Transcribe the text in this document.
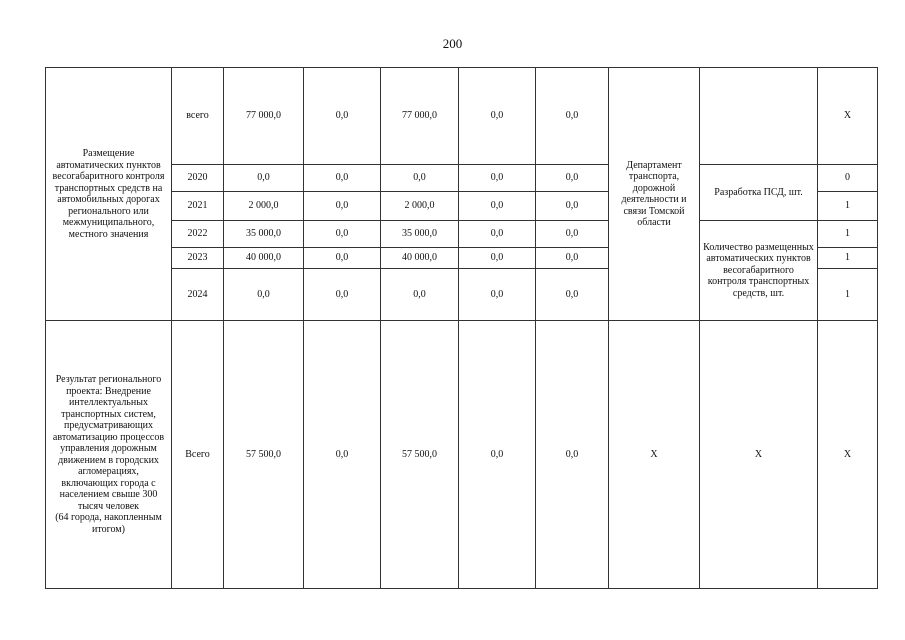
200
Размещение автоматических пунктов весогабаритного контроля транспортных средств на автомобильных дорогах регионального или межмуниципального, местного значения	всего	77 000,0	0,0	77 000,0	0,0	0,0	Департамент транспорта, дорожной деятельности и связи Томской области		X
	2020	0,0	0,0	0,0	0,0	0,0		Разработка ПСД, шт.	0
	2021	2 000,0	0,0	2 000,0	0,0	0,0			1
	2022	35 000,0	0,0	35 000,0	0,0	0,0		Количество размещенных автоматических пунктов весогабаритного контроля транспортных средств, шт.	1
	2023	40 000,0	0,0	40 000,0	0,0	0,0			1
	2024	0,0	0,0	0,0	0,0	0,0			1
Результат регионального проекта: Внедрение интеллектуальных транспортных систем, предусматривающих автоматизацию процессов управления дорожным движением в городских агломерациях, включающих города с населением свыше 300 тысяч человек
(64 города, накопленным итогом)	Всего	57 500,0	0,0	57 500,0	0,0	0,0	X	X	X
